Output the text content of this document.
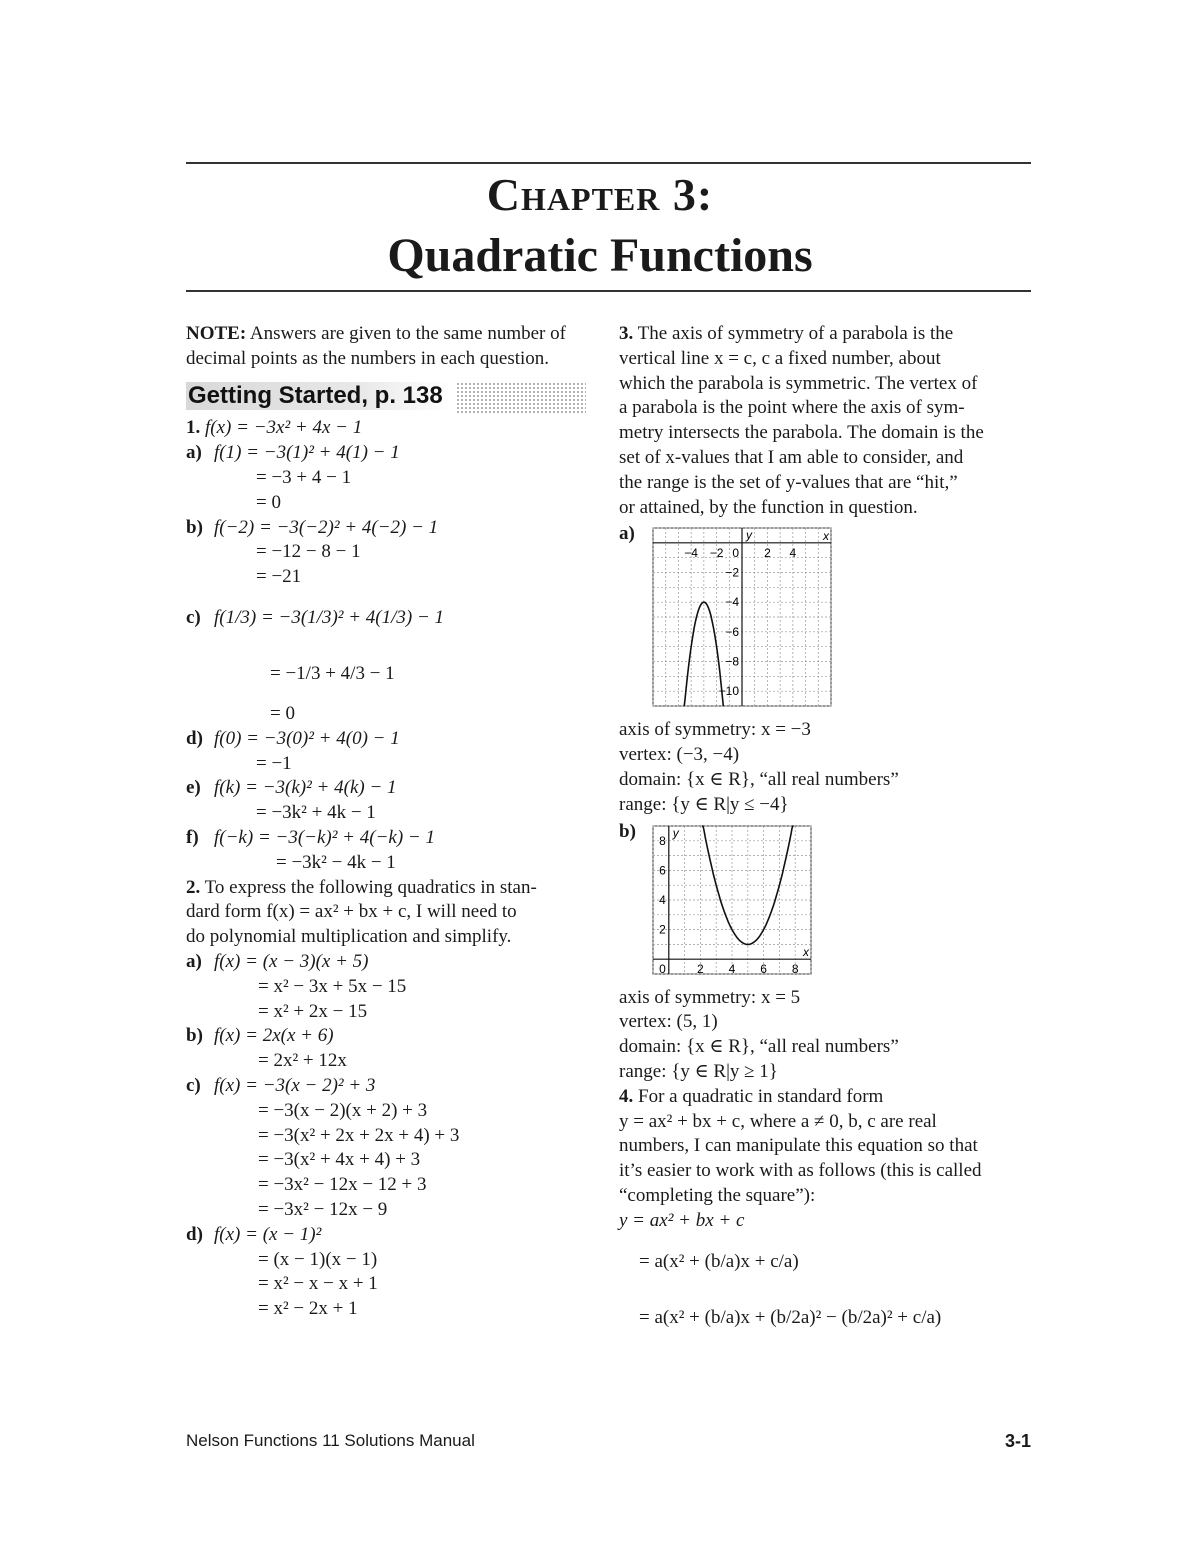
Chapter 3:
Quadratic Functions
NOTE: Answers are given to the same number of
decimal points as the numbers in each question.
Getting Started, p. 138
1. f(x) = −3x² + 4x − 1
a) f(1) = −3(1)² + 4(1) − 1
= −3 + 4 − 1
= 0
b) f(−2) = −3(−2)² + 4(−2) − 1
= −12 − 8 − 1
= −21
c) f(1/3) = −3(1/3)² + 4(1/3) − 1
= −1/3 + 4/3 − 1
= 0
d) f(0) = −3(0)² + 4(0) − 1
= −1
e) f(k) = −3(k)² + 4(k) − 1
= −3k² + 4k − 1
f) f(−k) = −3(−k)² + 4(−k) − 1
= −3k² − 4k − 1
2. To express the following quadratics in stan-
dard form f(x) = ax² + bx + c, I will need to
do polynomial multiplication and simplify.
a) f(x) = (x − 3)(x + 5)
= x² − 3x + 5x − 15
= x² + 2x − 15
b) f(x) = 2x(x + 6)
= 2x² + 12x
c) f(x) = −3(x − 2)² + 3
= −3(x − 2)(x + 2) + 3
= −3(x² + 2x + 2x + 4) + 3
= −3(x² + 4x + 4) + 3
= −3x² − 12x − 12 + 3
= −3x² − 12x − 9
d) f(x) = (x − 1)²
= (x − 1)(x − 1)
= x² − x − x + 1
= x² − 2x + 1
3. The axis of symmetry of a parabola is the
vertical line x = c, c a fixed number, about
which the parabola is symmetric. The vertex of
a parabola is the point where the axis of sym-
metry intersects the parabola. The domain is the
set of x-values that I am able to consider, and
the range is the set of y-values that are “hit,”
or attained, by the function in question.
a)
−4 −2	2 4
−2
−4
−6
−8
−10
0
x
y
axis of symmetry: x = −3
vertex: (−3, −4)
domain: {x ∈ R}, “all real numbers”
range: {y ∈ R|y ≤ −4}
b)
2 4 6 8
2
4
6
8
0
x
y
axis of symmetry: x = 5
vertex: (5, 1)
domain: {x ∈ R}, “all real numbers”
range: {y ∈ R|y ≥ 1}
4. For a quadratic in standard form
y = ax² + bx + c, where a ≠ 0, b, c are real
numbers, I can manipulate this equation so that
it’s easier to work with as follows (this is called
“completing the square”):
y = ax² + bx + c
= a(x² + (b/a)x + c/a)
= a(x² + (b/a)x + (b/2a)² − (b/2a)² + c/a)
Nelson Functions 11 Solutions Manual	3-1
